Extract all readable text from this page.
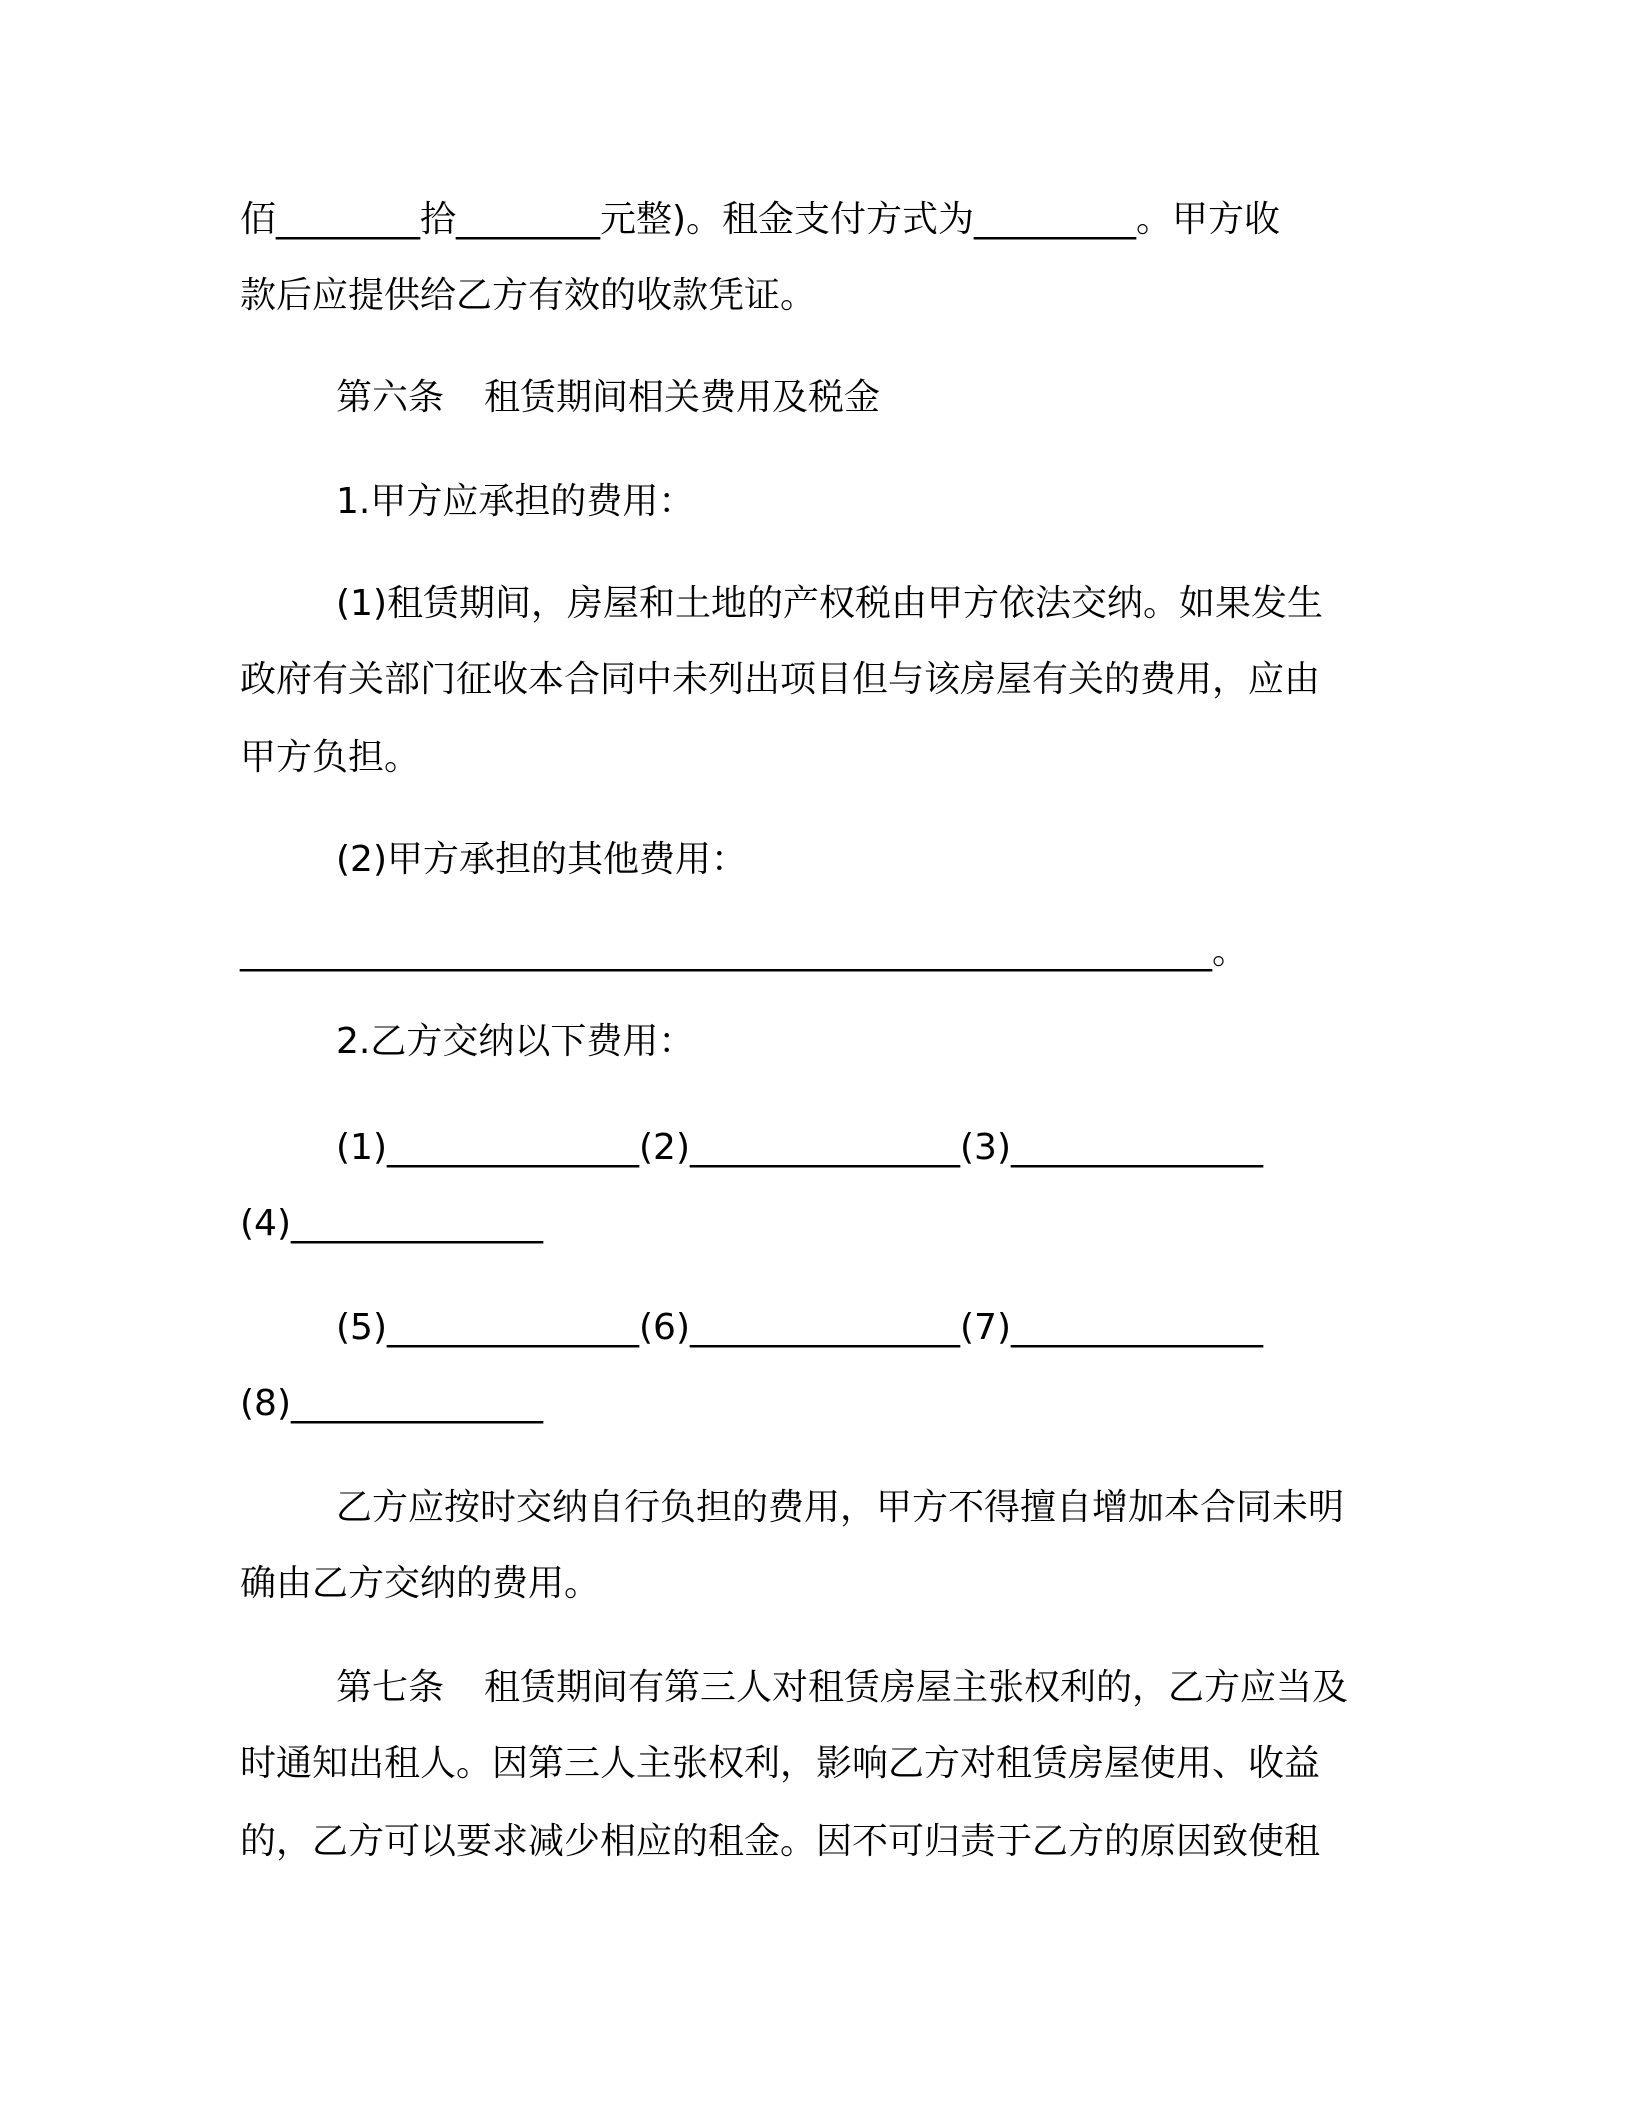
佰________拾________元整)。租金支付方式为_________。甲方收
款后应提供给乙方有效的收款凭证。
第六条 租赁期间相关费用及税金
1.甲方应承担的费用：
(1)租赁期间，房屋和土地的产权税由甲方依法交纳。如果发生
政府有关部门征收本合同中未列出项目但与该房屋有关的费用，应由
甲方负担。
(2)甲方承担的其他费用：
______________________________________________________。
2.乙方交纳以下费用：
(1)______________(2)_______________(3)______________
(4)______________
(5)______________(6)_______________(7)______________
(8)______________
乙方应按时交纳自行负担的费用，甲方不得擅自增加本合同未明
确由乙方交纳的费用。
第七条 租赁期间有第三人对租赁房屋主张权利的，乙方应当及
时通知出租人。因第三人主张权利，影响乙方对租赁房屋使用、收益
的，乙方可以要求减少相应的租金。因不可归责于乙方的原因致使租
